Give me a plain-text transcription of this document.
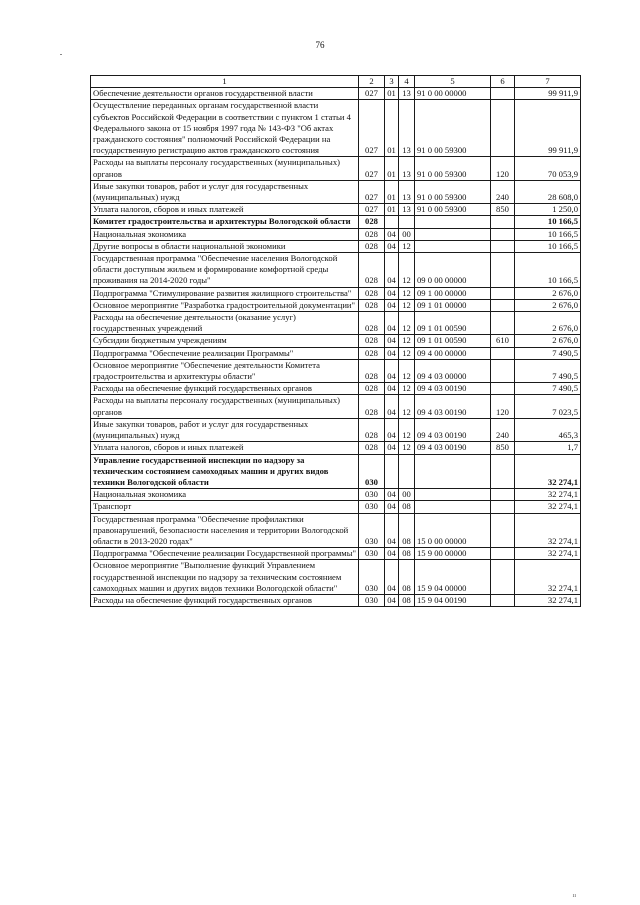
76
1	2	3	4	5	6	7
Обеспечение деятельности органов государственной власти	027	01	13	91 0 00 00000		99 911,9
Осуществление переданных органам государственной власти субъектов Российской Федерации в соответствии с пунктом 1 статьи 4 Федерального закона от 15 ноября 1997 года № 143-ФЗ "Об актах гражданского состояния" полномочий Российской Федерации на государственную регистрацию актов гражданского состояния	027	01	13	91 0 00 59300		99 911,9
Расходы на выплаты персоналу государственных (муниципальных) органов	027	01	13	91 0 00 59300	120	70 053,9
Иные закупки товаров, работ и услуг для государственных (муниципальных) нужд	027	01	13	91 0 00 59300	240	28 608,0
Уплата налогов, сборов и иных платежей	027	01	13	91 0 00 59300	850	1 250,0
Комитет градостроительства и архитектуры Вологодской области	028					10 166,5
Национальная экономика	028	04	00			10 166,5
Другие вопросы в области национальной экономики	028	04	12			10 166,5
Государственная программа "Обеспечение населения Вологодской области доступным жильем и формирование комфортной среды проживания на 2014-2020 годы"	028	04	12	09 0 00 00000		10 166,5
Подпрограмма "Стимулирование развития жилищного строительства"	028	04	12	09 1 00 00000		2 676,0
Основное мероприятие "Разработка градостроительной документации"	028	04	12	09 1 01 00000		2 676,0
Расходы на обеспечение деятельности (оказание услуг) государственных учреждений	028	04	12	09 1 01 00590		2 676,0
Субсидии бюджетным учреждениям	028	04	12	09 1 01 00590	610	2 676,0
Подпрограмма "Обеспечение реализации Программы"	028	04	12	09 4 00 00000		7 490,5
Основное мероприятие "Обеспечение деятельности Комитета градостроительства и архитектуры области"	028	04	12	09 4 03 00000		7 490,5
Расходы на обеспечение функций государственных органов	028	04	12	09 4 03 00190		7 490,5
Расходы на выплаты персоналу государственных (муниципальных) органов	028	04	12	09 4 03 00190	120	7 023,5
Иные закупки товаров, работ и услуг для государственных (муниципальных) нужд	028	04	12	09 4 03 00190	240	465,3
Уплата налогов, сборов и иных платежей	028	04	12	09 4 03 00190	850	1,7
Управление государственной инспекции по надзору за техническим состоянием самоходных машин и других видов техники Вологодской области	030					32 274,1
Национальная экономика	030	04	00			32 274,1
Транспорт	030	04	08			32 274,1
Государственная программа "Обеспечение профилактики правонарушений, безопасности населения и территории Вологодской области в 2013-2020 годах"	030	04	08	15 0 00 00000		32 274,1
Подпрограмма "Обеспечение реализации Государственной программы"	030	04	08	15 9 00 00000		32 274,1
Основное мероприятие "Выполнение функций Управлением государственной инспекции по надзору за техническим состоянием самоходных машин и других видов техники Вологодской области"	030	04	08	15 9 04 00000		32 274,1
Расходы на обеспечение функций государственных органов	030	04	08	15 9 04 00190		32 274,1
ıı
